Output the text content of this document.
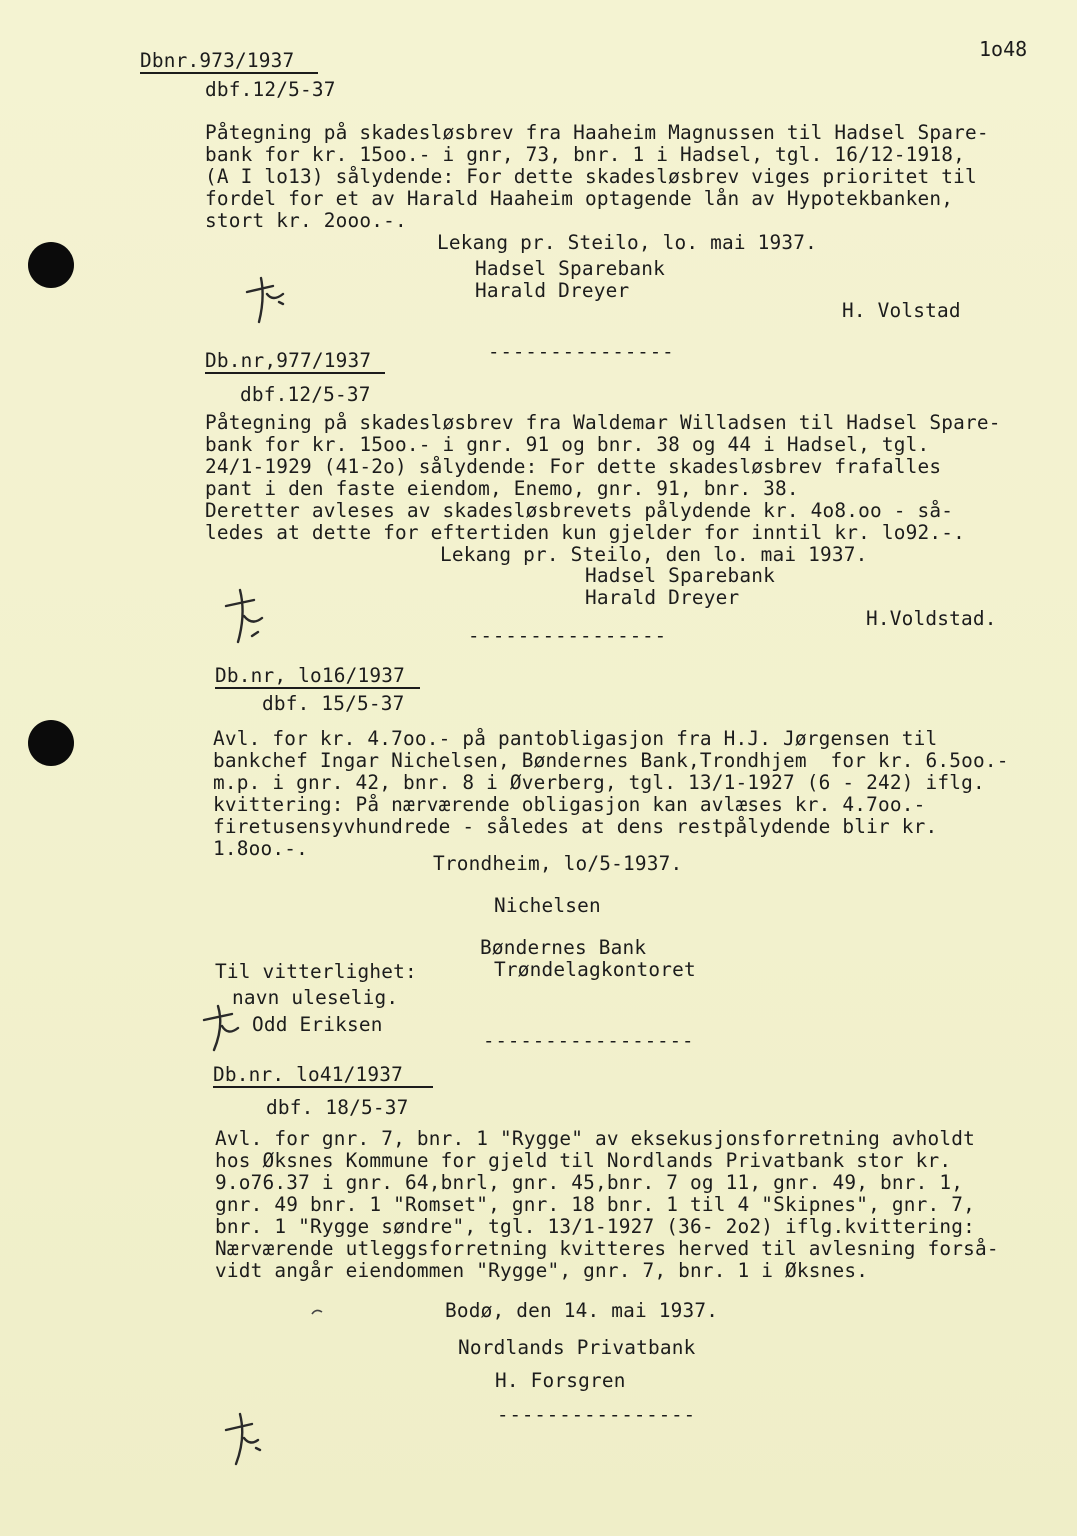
1o48
Dbnr.973/1937
dbf.12/5-37
Påtegning på skadesløsbrev fra Haaheim Magnussen til Hadsel Spare-
bank for kr. 15oo.- i gnr, 73, bnr. 1 i Hadsel, tgl. 16/12-1918,
(A I lo13) sålydende: For dette skadesløsbrev viges prioritet til
fordel for et av Harald Haaheim optagende lån av Hypotekbanken,
stort kr. 2ooo.-.
Lekang pr. Steilo, lo. mai 1937.
Hadsel Sparebank
Harald Dreyer
H. Volstad
---------------
Db.nr,977/1937
dbf.12/5-37
Påtegning på skadesløsbrev fra Waldemar Willadsen til Hadsel Spare-
bank for kr. 15oo.- i gnr. 91 og bnr. 38 og 44 i Hadsel, tgl.
24/1-1929 (41-2o) sålydende: For dette skadesløsbrev frafalles
pant i den faste eiendom, Enemo, gnr. 91, bnr. 38.
Deretter avleses av skadesløsbrevets pålydende kr. 4o8.oo - så-
ledes at dette for eftertiden kun gjelder for inntil kr. lo92.-.
Lekang pr. Steilo, den lo. mai 1937.
Hadsel Sparebank
Harald Dreyer
H.Voldstad.
----------------
Db.nr, lo16/1937
dbf. 15/5-37
Avl. for kr. 4.7oo.- på pantobligasjon fra H.J. Jørgensen til
bankchef Ingar Nichelsen, Bøndernes Bank,Trondhjem  for kr. 6.5oo.-
m.p. i gnr. 42, bnr. 8 i Øverberg, tgl. 13/1-1927 (6 - 242) iflg.
kvittering: På nærværende obligasjon kan avlæses kr. 4.7oo.-
firetusensyvhundrede - således at dens restpålydende blir kr.
1.8oo.-.
Trondheim, lo/5-1937.
Nichelsen
Bøndernes Bank
Trøndelagkontoret
Til vitterlighet:
navn uleselig.
Odd Eriksen
-----------------
Db.nr. lo41/1937
dbf. 18/5-37
Avl. for gnr. 7, bnr. 1 "Rygge" av eksekusjonsforretning avholdt
hos Øksnes Kommune for gjeld til Nordlands Privatbank stor kr.
9.o76.37 i gnr. 64,bnrl, gnr. 45,bnr. 7 og 11, gnr. 49, bnr. 1,
gnr. 49 bnr. 1 "Romset", gnr. 18 bnr. 1 til 4 "Skipnes", gnr. 7,
bnr. 1 "Rygge søndre", tgl. 13/1-1927 (36- 2o2) iflg.kvittering:
Nærværende utleggsforretning kvitteres herved til avlesning forså-
vidt angår eiendommen "Rygge", gnr. 7, bnr. 1 i Øksnes.
Bodø, den 14. mai 1937.
Nordlands Privatbank
H. Forsgren
----------------
